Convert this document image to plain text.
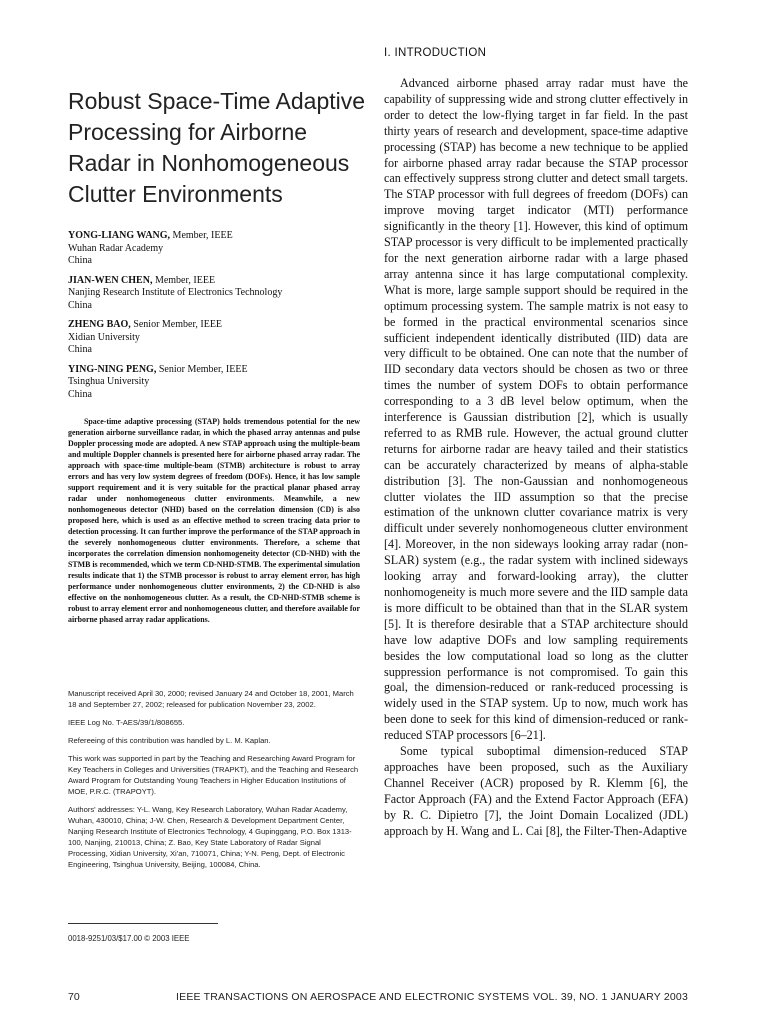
Robust Space-Time Adaptive Processing for Airborne Radar in Nonhomogeneous Clutter Environments
YONG-LIANG WANG, Member, IEEE
Wuhan Radar Academy
China
JIAN-WEN CHEN, Member, IEEE
Nanjing Research Institute of Electronics Technology
China
ZHENG BAO, Senior Member, IEEE
Xidian University
China
YING-NING PENG, Senior Member, IEEE
Tsinghua University
China

Space-time adaptive processing (STAP) holds tremendous potential for the new generation airborne surveillance radar, in which the phased array antennas and pulse Doppler processing mode are adopted. A new STAP approach using the multiple-beam and multiple Doppler channels is presented here for airborne phased array radar. The approach with space-time multiple-beam (STMB) architecture is robust to array errors and has very low system degrees of freedom (DOFs). Hence, it has low sample support requirement and it is very suitable for the practical planar phased array radar under nonhomogeneous clutter environments. Meanwhile, a new nonhomogeneous detector (NHD) based on the correlation dimension (CD) is also proposed here, which is used as an effective method to screen tracing data prior to detection processing. It can further improve the performance of the STAP approach in the severely nonhomogeneous clutter environments. Therefore, a scheme that incorporates the correlation dimension nonhomogeneity detector (CD-NHD) with the STMB is recommended, which we term CD-NHD-STMB. The experimental simulation results indicate that 1) the STMB processor is robust to array element error, has high performance under nonhomogeneous clutter environments, 2) the CD-NHD is also effective on the nonhomogeneous clutter. As a result, the CD-NHD-STMB scheme is robust to array element error and nonhomogeneous clutter, and therefore available for airborne phased array radar applications.

Manuscript received April 30, 2000; revised January 24 and October 18, 2001, March 18 and September 27, 2002; released for publication November 23, 2002.

IEEE Log No. T-AES/39/1/808655.

Refereeing of this contribution was handled by L. M. Kaplan.

This work was supported in part by the Teaching and Researching Award Program for Key Teachers in Colleges and Universities (TRAPKT), and the Teaching and Research Award Program for Outstanding Young Teachers in Higher Education Institutions of MOE, P.R.C. (TRAPOYT).

Authors' addresses: Y-L. Wang, Key Research Laboratory, Wuhan Radar Academy, Wuhan, 430010, China; J-W. Chen, Research & Development Department Center, Nanjing Research Institute of Electronics Technology, 4 Gupinggang, P.O. Box 1313-100, Nanjing, 210013, China; Z. Bao, Key State Laboratory of Radar Signal Processing, Xidian University, Xi'an, 710071, China; Y-N. Peng, Dept. of Electronic Engineering, Tsinghua University, Beijing, 100084, China.

0018-9251/03/$17.00 © 2003 IEEE
I. INTRODUCTION

Advanced airborne phased array radar must have the capability of suppressing wide and strong clutter effectively in order to detect the low-flying target in far field. In the past thirty years of research and development, space-time adaptive processing (STAP) has become a new technique to be applied for airborne phased array radar because the STAP processor can effectively suppress strong clutter and detect small targets. The STAP processor with full degrees of freedom (DOFs) can improve moving target indicator (MTI) performance significantly in the theory [1]. However, this kind of optimum STAP processor is very difficult to be implemented practically for the next generation airborne radar with a large phased array antenna since it has large computational complexity. What is more, large sample support should be required in the optimum processing system. The sample matrix is not easy to be formed in the practical environmental scenarios since sufficient independent identically distributed (IID) data are very difficult to be obtained. One can note that the number of IID secondary data vectors should be chosen as two or three times the number of system DOFs to obtain performance corresponding to a 3 dB level below optimum, when the interference is Gaussian distribution [2], which is usually referred to as RMB rule. However, the actual ground clutter returns for airborne radar are heavy tailed and their statistics can be accurately characterized by means of alpha-stable distribution [3]. The non-Gaussian and nonhomogeneous clutter violates the IID assumption so that the precise estimation of the unknown clutter covariance matrix is very difficult under severely nonhomogeneous clutter environment [4]. Moreover, in the non sideways looking array radar (non-SLAR) system (e.g., the radar system with inclined sideways looking array and forward-looking array), the clutter nonhomogeneity is much more severe and the IID sample data is more difficult to be obtained than that in the SLAR system [5]. It is therefore desirable that a STAP architecture should have low adaptive DOFs and low sampling requirements besides the low computational load so long as the clutter suppression performance is not compromised. To gain this goal, the dimension-reduced or rank-reduced processing is widely used in the STAP system. Up to now, much work has been done to seek for this kind of dimension-reduced or rank-reduced STAP processors [6–21].

Some typical suboptimal dimension-reduced STAP approaches have been proposed, such as the Auxiliary Channel Receiver (ACR) proposed by R. Klemm [6], the Factor Approach (FA) and the Extend Factor Approach (EFA) by R. C. Dipietro [7], the Joint Domain Localized (JDL) approach by H. Wang and L. Cai [8], the Filter-Then-Adaptive

70	IEEE TRANSACTIONS ON AEROSPACE AND ELECTRONIC SYSTEMS VOL. 39, NO. 1 JANUARY 2003
